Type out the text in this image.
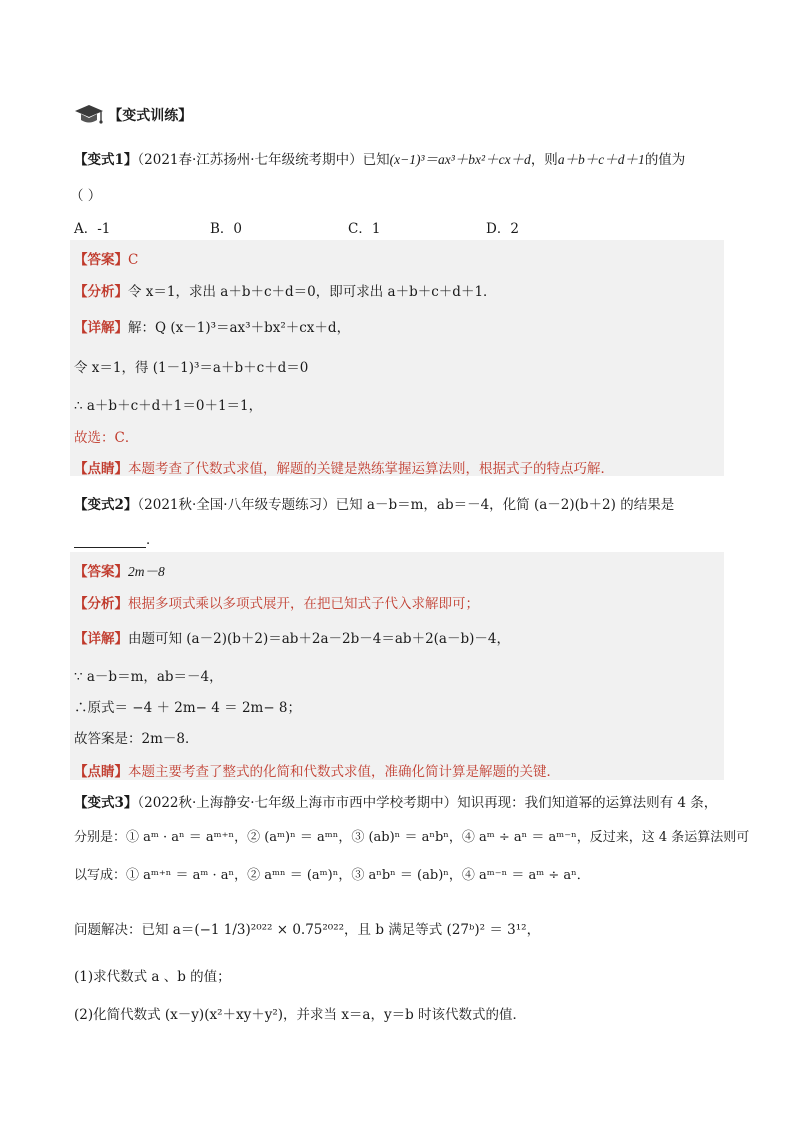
【变式训练】
【变式1】（2021春·江苏扬州·七年级统考期中）已知(x−1)³＝ax³＋bx²＋cx＋d，则a＋b＋c＋d＋1的值为
（ ）
A．-1	B．0	C．1	D．2
【答案】C
【分析】令 x＝1，求出 a＋b＋c＋d＝0，即可求出 a＋b＋c＋d＋1．
【详解】解：Q (x－1)³＝ax³＋bx²＋cx＋d，
令 x＝1，得 (1－1)³＝a＋b＋c＋d＝0
∴ a＋b＋c＋d＋1＝0＋1＝1，
故选：C．
【点睛】本题考查了代数式求值，解题的关键是熟练掌握运算法则，根据式子的特点巧解．
【变式2】（2021秋·全国·八年级专题练习）已知 a－b＝m，ab＝－4，化简 (a－2)(b＋2) 的结果是
．
【答案】2m－8
【分析】根据多项式乘以多项式展开，在把已知式子代入求解即可；
【详解】由题可知 (a－2)(b＋2)＝ab＋2a－2b－4＝ab＋2(a－b)－4，
∵ a－b＝m，ab＝－4，
∴原式＝ −4 ＋ 2m− 4 ＝ 2m− 8；
故答案是：2m－8．
【点睛】本题主要考查了整式的化简和代数式求值，准确化简计算是解题的关键．
【变式3】（2022秋·上海静安·七年级上海市市西中学校考期中）知识再现：我们知道幂的运算法则有 4 条，
分别是：① aᵐ · aⁿ ＝ aᵐ⁺ⁿ，② (aᵐ)ⁿ ＝ aᵐⁿ，③ (ab)ⁿ ＝ aⁿbⁿ，④ aᵐ ÷ aⁿ ＝ aᵐ⁻ⁿ，反过来，这 4 条运算法则可
以写成：① aᵐ⁺ⁿ ＝ aᵐ · aⁿ，② aᵐⁿ ＝ (aᵐ)ⁿ，③ aⁿbⁿ ＝ (ab)ⁿ，④ aᵐ⁻ⁿ ＝ aᵐ ÷ aⁿ．
问题解决：已知 a＝(−1 1/3)²⁰²² × 0.75²⁰²²，且 b 满足等式 (27ᵇ)² ＝ 3¹²，
(1)求代数式 a 、b 的值；
(2)化简代数式 (x－y)(x²＋xy＋y²)，并求当 x＝a，y＝b 时该代数式的值．
